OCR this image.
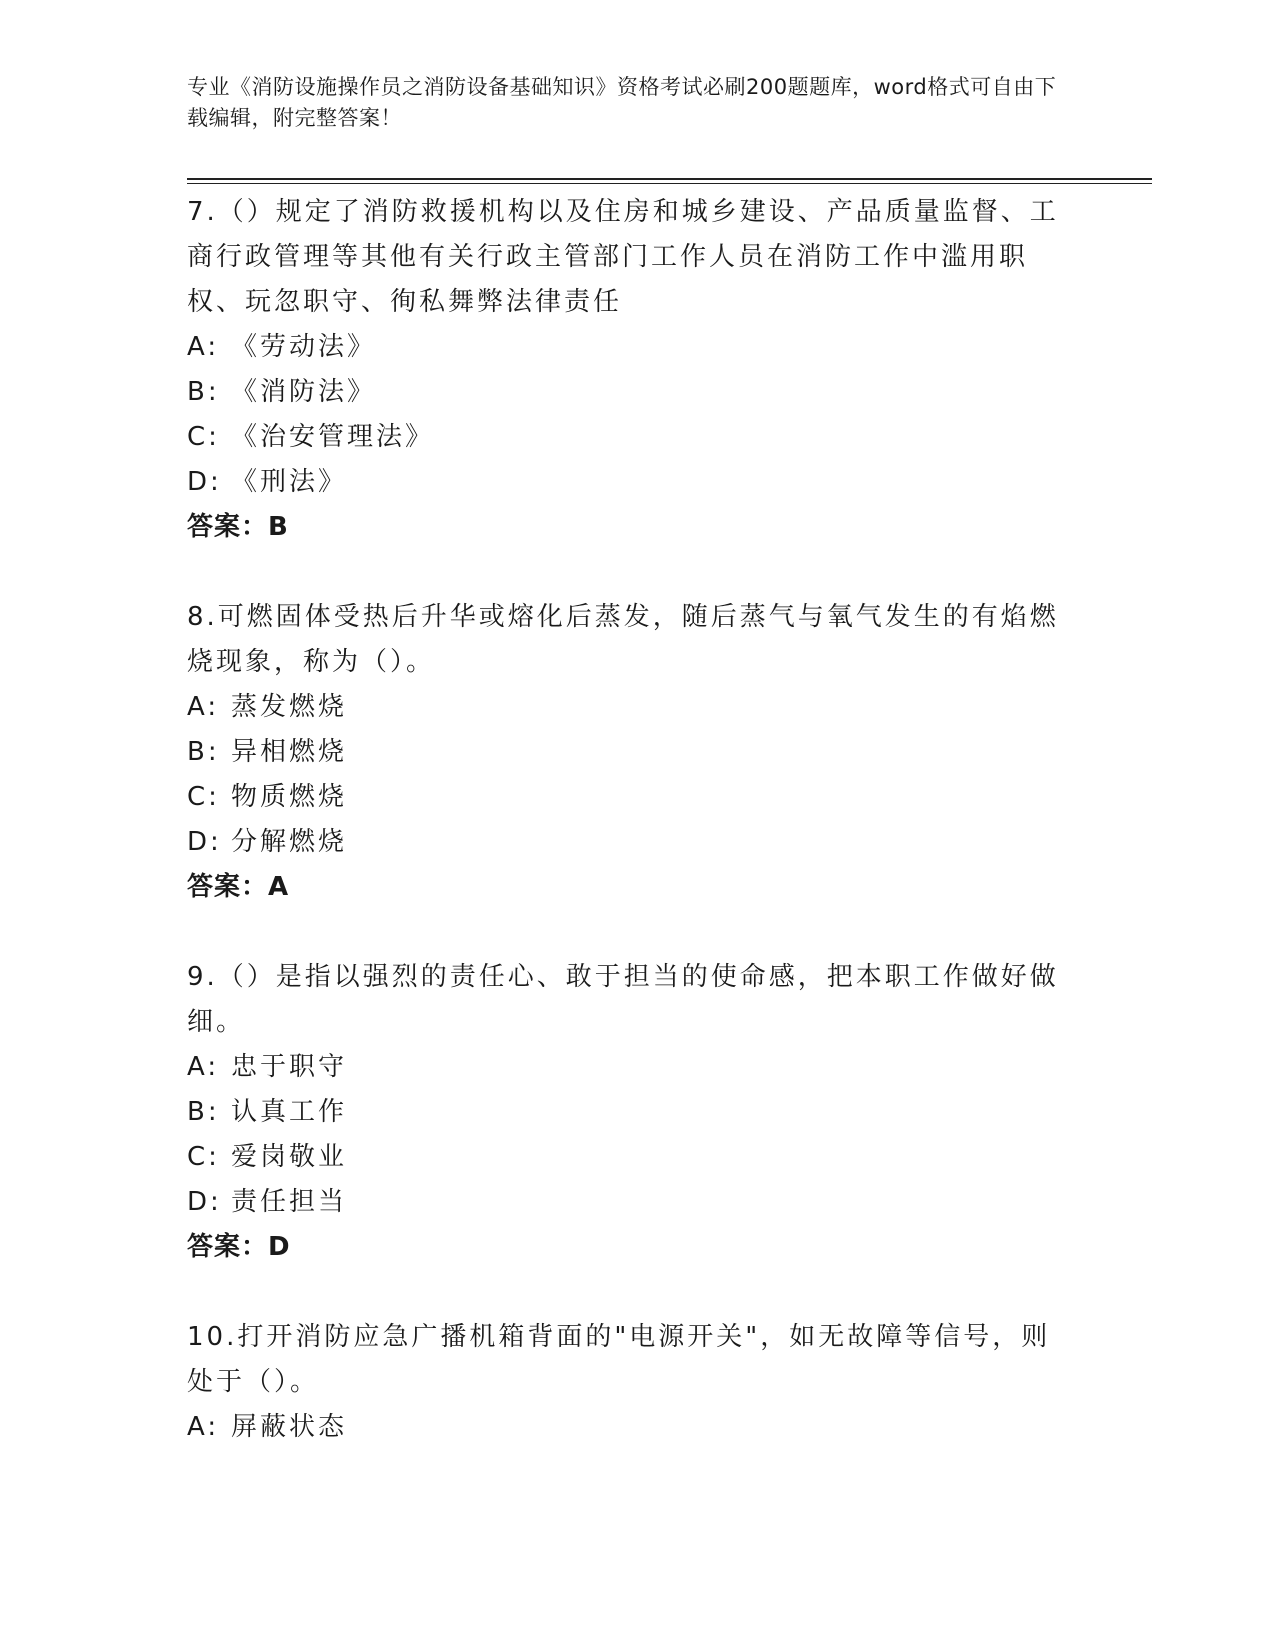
专业《消防设施操作员之消防设备基础知识》资格考试必刷200题题库，word格式可自由下载编辑，附完整答案！
7.（）规定了消防救援机构以及住房和城乡建设、产品质量监督、工商行政管理等其他有关行政主管部门工作人员在消防工作中滥用职权、玩忽职守、徇私舞弊法律责任
A: 《劳动法》
B: 《消防法》
C: 《治安管理法》
D: 《刑法》
答案：B
8.可燃固体受热后升华或熔化后蒸发，随后蒸气与氧气发生的有焰燃烧现象，称为（）。
A: 蒸发燃烧
B: 异相燃烧
C: 物质燃烧
D: 分解燃烧
答案：A
9.（）是指以强烈的责任心、敢于担当的使命感，把本职工作做好做细。
A: 忠于职守
B: 认真工作
C: 爱岗敬业
D: 责任担当
答案：D
10.打开消防应急广播机箱背面的"电源开关"，如无故障等信号，则处于（）。
A: 屏蔽状态
